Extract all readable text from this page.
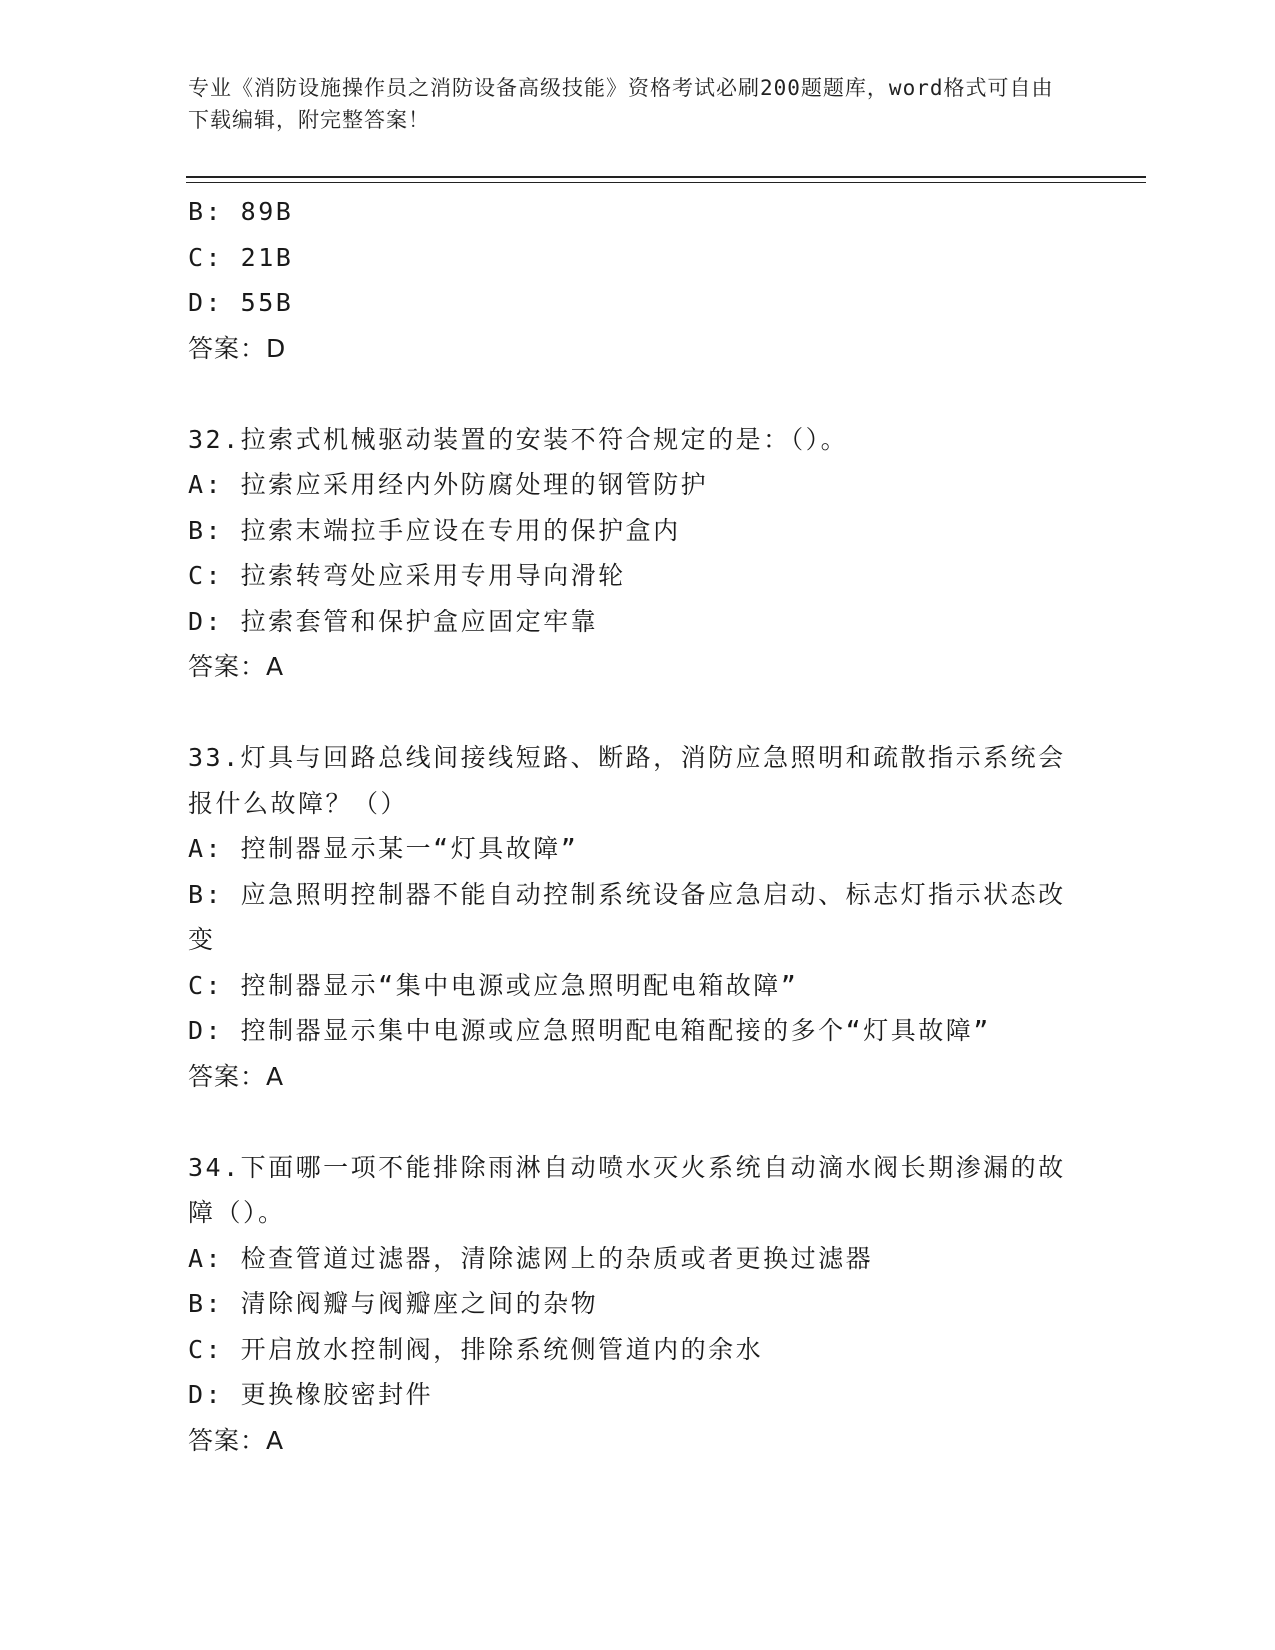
专业《消防设施操作员之消防设备高级技能》资格考试必刷200题题库，word格式可自由下载编辑，附完整答案！
B: 89B
C: 21B
D: 55B
答案：D
32.拉索式机械驱动装置的安装不符合规定的是：（）。
A: 拉索应采用经内外防腐处理的钢管防护
B: 拉索末端拉手应设在专用的保护盒内
C: 拉索转弯处应采用专用导向滑轮
D: 拉索套管和保护盒应固定牢靠
答案：A
33.灯具与回路总线间接线短路、断路，消防应急照明和疏散指示系统会报什么故障？（）
A: 控制器显示某一“灯具故障”
B: 应急照明控制器不能自动控制系统设备应急启动、标志灯指示状态改变
C: 控制器显示“集中电源或应急照明配电箱故障”
D: 控制器显示集中电源或应急照明配电箱配接的多个“灯具故障”
答案：A
34.下面哪一项不能排除雨淋自动喷水灭火系统自动滴水阀长期渗漏的故障（）。
A: 检查管道过滤器，清除滤网上的杂质或者更换过滤器
B: 清除阀瓣与阀瓣座之间的杂物
C: 开启放水控制阀，排除系统侧管道内的余水
D: 更换橡胶密封件
答案：A
